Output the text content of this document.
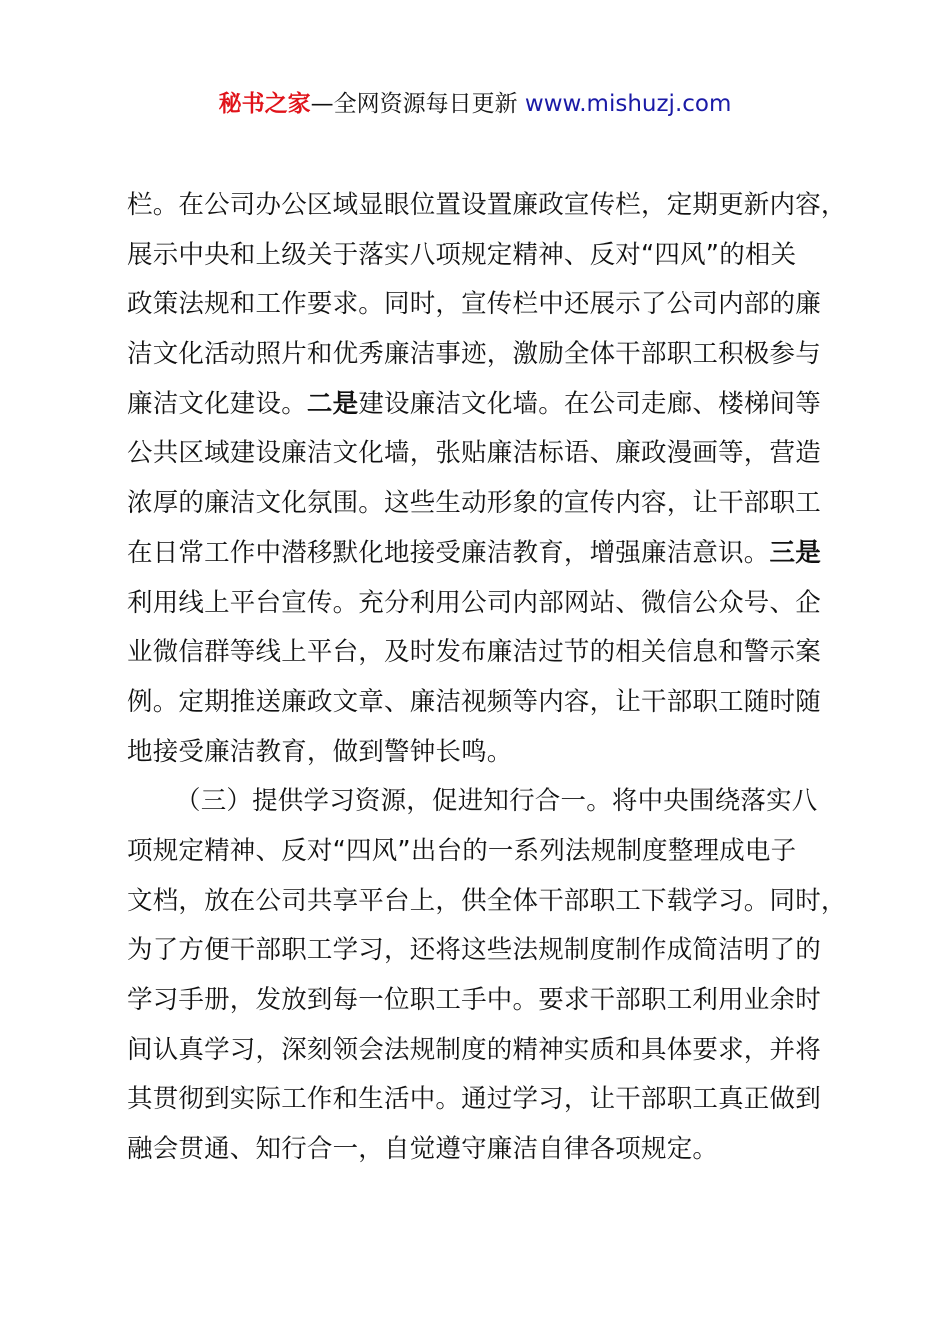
秘书之家—全网资源每日更新 www.mishuzj.com
栏。在公司办公区域显眼位置设置廉政宣传栏，定期更新内容，
展示中央和上级关于落实八项规定精神、反对“四风”的相关
政策法规和工作要求。同时，宣传栏中还展示了公司内部的廉
洁文化活动照片和优秀廉洁事迹，激励全体干部职工积极参与
廉洁文化建设。二是建设廉洁文化墙。在公司走廊、楼梯间等
公共区域建设廉洁文化墙，张贴廉洁标语、廉政漫画等，营造
浓厚的廉洁文化氛围。这些生动形象的宣传内容，让干部职工
在日常工作中潜移默化地接受廉洁教育，增强廉洁意识。三是
利用线上平台宣传。充分利用公司内部网站、微信公众号、企
业微信群等线上平台，及时发布廉洁过节的相关信息和警示案
例。定期推送廉政文章、廉洁视频等内容，让干部职工随时随
地接受廉洁教育，做到警钟长鸣。
（三）提供学习资源，促进知行合一。将中央围绕落实八
项规定精神、反对“四风”出台的一系列法规制度整理成电子
文档，放在公司共享平台上，供全体干部职工下载学习。同时，
为了方便干部职工学习，还将这些法规制度制作成简洁明了的
学习手册，发放到每一位职工手中。要求干部职工利用业余时
间认真学习，深刻领会法规制度的精神实质和具体要求，并将
其贯彻到实际工作和生活中。通过学习，让干部职工真正做到
融会贯通、知行合一，自觉遵守廉洁自律各项规定。
